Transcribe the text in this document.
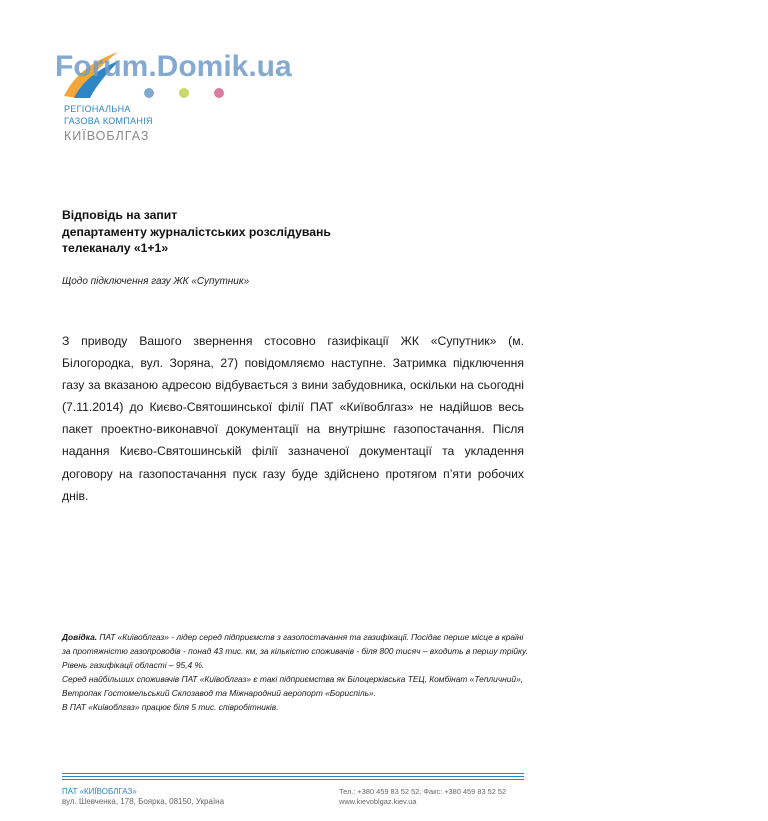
Forum.Domik.ua
РЕГІОНАЛЬНА
ГАЗОВА КОМПАНІЯ
КИЇВОБЛГАЗ
Відповідь на запит
департаменту журналістських розслідувань
телеканалу «1+1»
Щодо підключення газу ЖК «Супутник»
З приводу Вашого звернення стосовно газифікації ЖК «Супутник» (м. Білогородка, вул. Зоряна, 27) повідомляємо наступне. Затримка підключення газу за вказаною адресою відбувається з вини забудовника, оскільки на сьогодні (7.11.2014) до Києво-Святошинської філії ПАТ «Київоблгаз» не надійшов весь пакет проектно-виконавчої документації на внутрішнє газопостачання. Після надання Києво-Святошинській філії зазначеної документації та укладення договору на газопостачання пуск газу буде здійснено протягом п’яти робочих днів.
Довідка. ПАТ «Київоблгаз» - лідер серед підприємств з газопостачання та газифікації. Посідає перше місце в країні за протяжністю газопроводів - понад 43 тис. км, за кількістю споживачів - біля 800 тисяч – входить в першу трійку. Рівень газифікації області – 95,4 %.
Серед найбільших споживачів ПАТ «Київоблгаз» є такі підприємства як Білоцерківська ТЕЦ, Комбінат «Тепличний», Ветропак Гостомельський Склозавод та Міжнародний аеропорт «Бориспіль».
В ПАТ «Київоблгаз» працює біля 5 тис. співробітників.
ПАТ «КИЇВОБЛГАЗ»
вул. Шевченка, 178, Боярка, 08150, Україна
Тел.: +380 459 83 52 52, Факс: +380 459 83 52 52
www.kievoblgaz.kiev.ua
